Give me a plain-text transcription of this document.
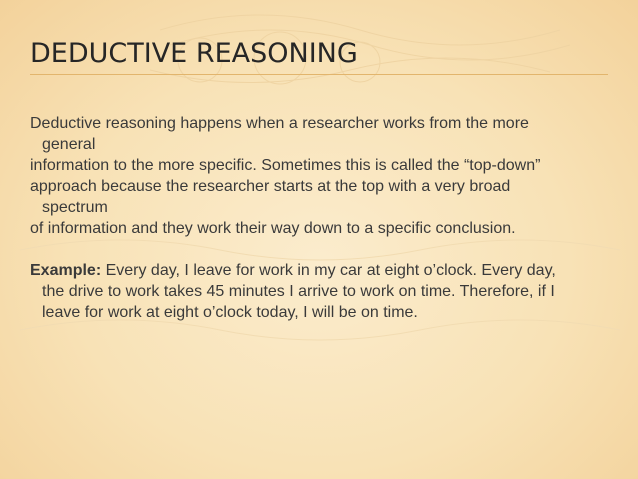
DEDUCTIVE REASONING

Deductive reasoning happens when a researcher works from the more

general

information to the more specific. Sometimes this is called the “top-down”

approach because the researcher starts at the top with a very broad

spectrum

of information and they work their way down to a specific conclusion.

Example: Every day, I leave for work in my car at eight o’clock. Every day,

the drive to work takes 45 minutes I arrive to work on time. Therefore, if I

leave for work at eight o’clock today, I will be on time.
